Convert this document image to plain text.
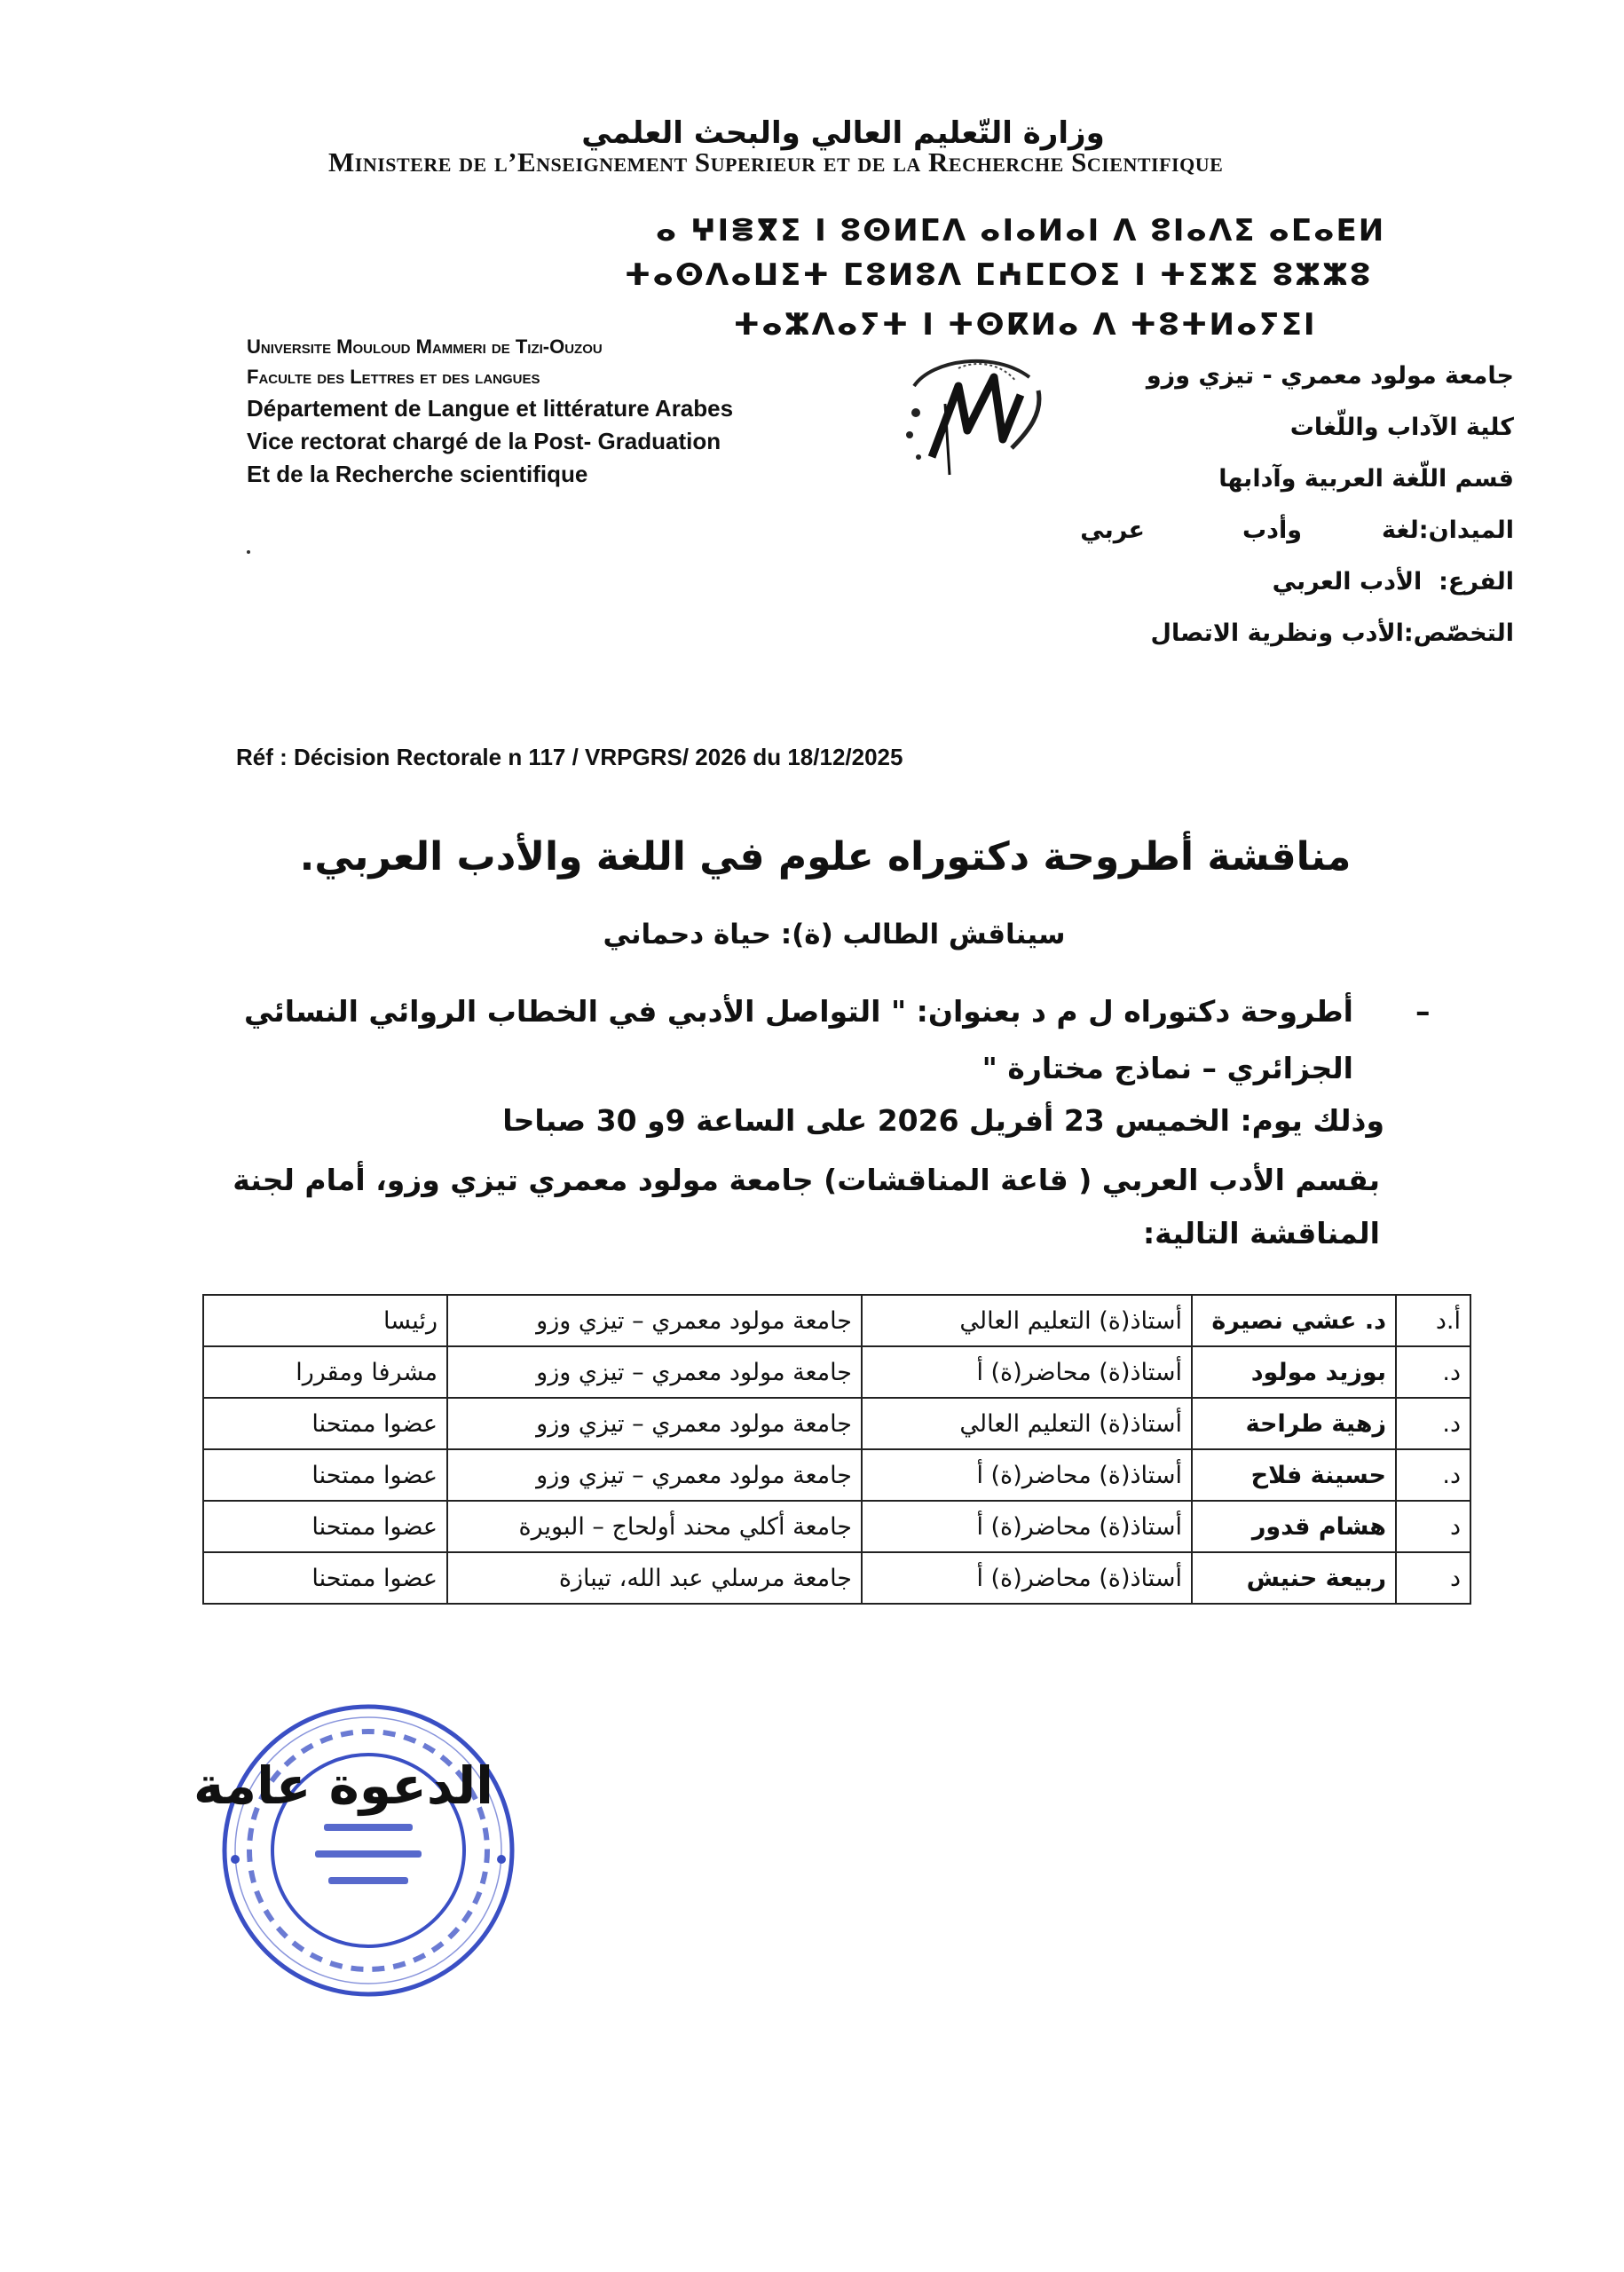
وزارة التّعليم العالي والبحث العلمي
Ministere de l’Enseignement Superieur et de la Recherche Scientifique
ⴰ ⵖⵏⴻⴳⵉ ⵏ ⵓⵙⵍⵎⴷ ⴰⵏⴰⵍⴰⵏ ⴷ ⵓⵏⴰⴷⵉ ⴰⵎⴰⴹⵍ
ⵜⴰⵙⴷⴰⵡⵉⵜ ⵎⵓⵍⵓⴷ ⵎⵄⵎⵎⵔⵉ ⵏ ⵜⵉⵣⵉ ⵓⵣⵣⵓ
ⵜⴰⵣⴷⴰⵢⵜ ⵏ ⵜⵙⴽⵍⴰ ⴷ ⵜⵓⵜⵍⴰⵢⵉⵏ
Universite Mouloud Mammeri de Tizi-Ouzou
Faculte des Lettres et des langues
Département de Langue et littérature Arabes
Vice rectorat chargé de la Post- Graduation
Et de la Recherche scientifique
جامعة مولود معمري - تيزي وزو
كلية الآداب واللّغات
قسم اللّغة العربية وآدابها
الميدان:لغةوأدبعربي
الفرع:  الأدب العربي
التخصّص:الأدب ونظرية الاتصال
Réf : Décision Rectorale n 117 / VRPGRS/ 2026 du 18/12/2025
مناقشة أطروحة دكتوراه علوم في اللغة والأدب العربي.
سيناقش الطالب (ة): حياة دحماني
–
أطروحة دكتوراه ل م د بعنوان: " التواصل الأدبي في الخطاب الروائي النسائي الجزائري – نماذج مختارة "
وذلك يوم: الخميس 23 أفريل 2026 على الساعة 9و 30 صباحا
بقسم الأدب العربي ( قاعة المناقشات) جامعة مولود معمري تيزي وزو، أمام لجنة المناقشة التالية:
أ.د	د. عشي نصيرة	أستاذ(ة) التعليم العالي	جامعة مولود معمري – تيزي وزو	رئيسا
د.	بوزيد مولود	أستاذ(ة) محاضر(ة) أ	جامعة مولود معمري – تيزي وزو	مشرفا ومقررا
د.	زهية طراحة	أستاذ(ة) التعليم العالي	جامعة مولود معمري – تيزي وزو	عضوا ممتحنا
د.	حسينة فلاح	أستاذ(ة) محاضر(ة) أ	جامعة مولود معمري – تيزي وزو	عضوا ممتحنا
د	هشام قدور	أستاذ(ة) محاضر(ة) أ	جامعة أكلي محند أولحاج – البويرة	عضوا ممتحنا
د	ربيعة حنيش	أستاذ(ة) محاضر(ة) أ	جامعة مرسلي عبد الله، تيبازة	عضوا ممتحنا
الدعوة عامة
